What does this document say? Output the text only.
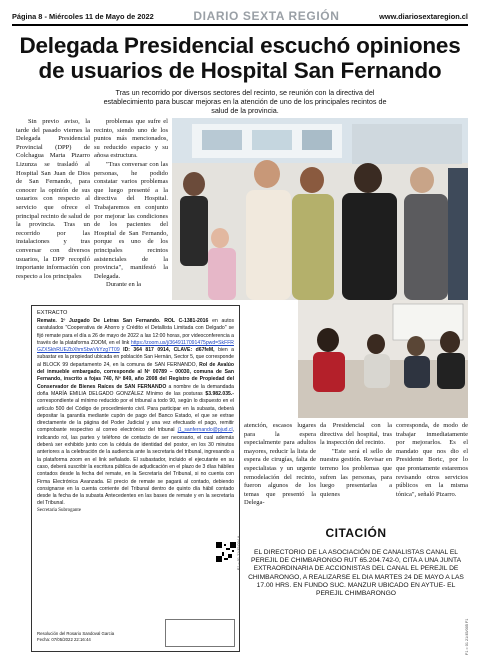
Página 8 - Miércoles 11 de Mayo de 2022	DIARIO SEXTA REGIÓN	www.diariosextaregion.cl
Delegada Presidencial escuchó opiniones
de usuarios de Hospital San Fernando
Tras un recorrido por diversos sectores del recinto, se reunión con la directiva del establecimiento para buscar mejoras en la atención de uno de los principales recintos de salud de la provincia.

Sin previo aviso, la tarde del pasado viernes la Delegada Presidencial Provincial (DPP) de Colchagua Marta Pizarro Lizunza se trasladó al Hospital San Juan de Dios de San Fernando, para conocer la opinión de sus usuarios con respecto al servicio que ofrece el principal recinto de salud de la provincia. Tras un recorrido por las instalaciones y tras conversar con diversos usuarios, la DPP recopiló importante información con respecto a los principales

problemas que sufre el recinto, siendo uno de los puntos más mencionados, su reducido espacio y su añosa estructura.

"Tras conversar con las personas, he podido constatar varios problemas que luego presenté a la directiva del Hospital. Trabajaremos en conjunto por mejorar las condiciones de los pacientes del Hospital de San Fernando, porque es uno de los principales recintos asistenciales de la provincia", manifestó la Delegada.

Durante en la

EXTRACTO
Remate. 1º Juzgado De Letras San Fernando. ROL C-1381-2016 en autos caratulados "Cooperativa de Ahorro y Crédito el Detallista Limitada con Delgado" se fijó remate para el día a 26 de mayo de 2022 a las 12:00 horas, por videoconferencia a través de la plataforma ZOOM, en el link https://zoom.us/j/3649117091475pwd=SkFFRGZXSkhRUEZbXhmSbwVkYzg7T09 ID: 364 817 0914, CLAVE: d67feM, bien a subastar es la propiedad ubicada en población San Hernán, Sector 5, que corresponde al BLOCK 99 departamento 24, en la comuna de SAN FERNANDO, Rol de Avalúo del inmueble embargado, corresponde al Nº 00789 – 00030, comuna de San Fernando, inscrito a fojas 740, Nº 849, año 2008 del Registro de Propiedad del Conservador de Bienes Raíces de SAN FERNANDO a nombre de la demandada doña MARÍA EMILIA DELGADO GONZÁLEZ Mínimo de las posturas $3.982.035.- correspondiente al mínimo reducido por el tribunal a todo 90, según lo dispuesto en el artículo 500 del Código de procedimiento civil. Para participar en la subasta, deberá depositar la garantía mediante cupón de pago del Banco Estado, el que se extrae directamente de la página del Poder Judicial y una vez efectuado el pago, remitir comprobante respectivo al correo electrónico del tribunal j1_sanfernando@pjud.cl, indicando rol, las partes y teléfono de contacto de ser necesario, el cual además deberá ser exhibido junto con la cédula de identidad del postor, en los 30 minutos anteriores a la celebración de la audiencia ante la secretaria del tribunal, ingresando a la plataforma zoom en el link señalado. El subastador, incluido el ejecutante en su caso, deberá suscribir la escritura pública de adjudicación en el plazo de 3 días hábiles contados desde la fecha del remate, en la Secretaría del Tribunal, si no cuenta con Firma Electrónica Avanzada. El precio de remate se pagará al contado, debiendo consignarse en la cuenta corriente del Tribunal dentro de quinto día hábil contado desde la fecha de la subasta Antecedentes en las bases de remate y en la secretaría del Tribunal.
Secretaria Subrogante
Resolución del Rosario Sandoval Garcia
Fecha: 07/05/2022 22:16:44

atención, escasos lugares para la espera especialmente para adultos mayores, reducir la lista de espera de cirugías, falta de especialistas y un urgente remodelación del recinto, fueron algunos de los temas que presentó la Delega-

da Presidencial con la directiva del hospital, tras la inspección del recinto.

"Este será el sello de nuestra gestión. Revisar en terreno los problemas que sufren las personas, para luego presentarlas a quienes

corresponda, de modo de trabajar inmediatamente por mejorarlos. Es el mandato que nos dio el Presidente Boric, por lo que prontamente estaremos revisando otros servicios públicos en la misma tónica", señaló Pizarro.

F1 = 01 21/45/004 A
F1 = 01 21/45/005 F1
CITACIÓN
EL DIRECTORIO DE LA ASOCIACIÓN DE CANALISTAS CANAL EL PEREJIL DE CHIMBARONGO RUT 65.204.742-0, CITA A UNA JUNTA EXTRAORDINARIA DE ACCIONISTAS DEL CANAL EL PEREJIL DE CHIMBARONGO, A REALIZARSE EL DIA MARTES 24 DE MAYO A LAS 17.00 HRS. EN FUNDO SUC. MANZUR UBICADO EN AYTUE- EL PEREJIL CHIMBARONGO
